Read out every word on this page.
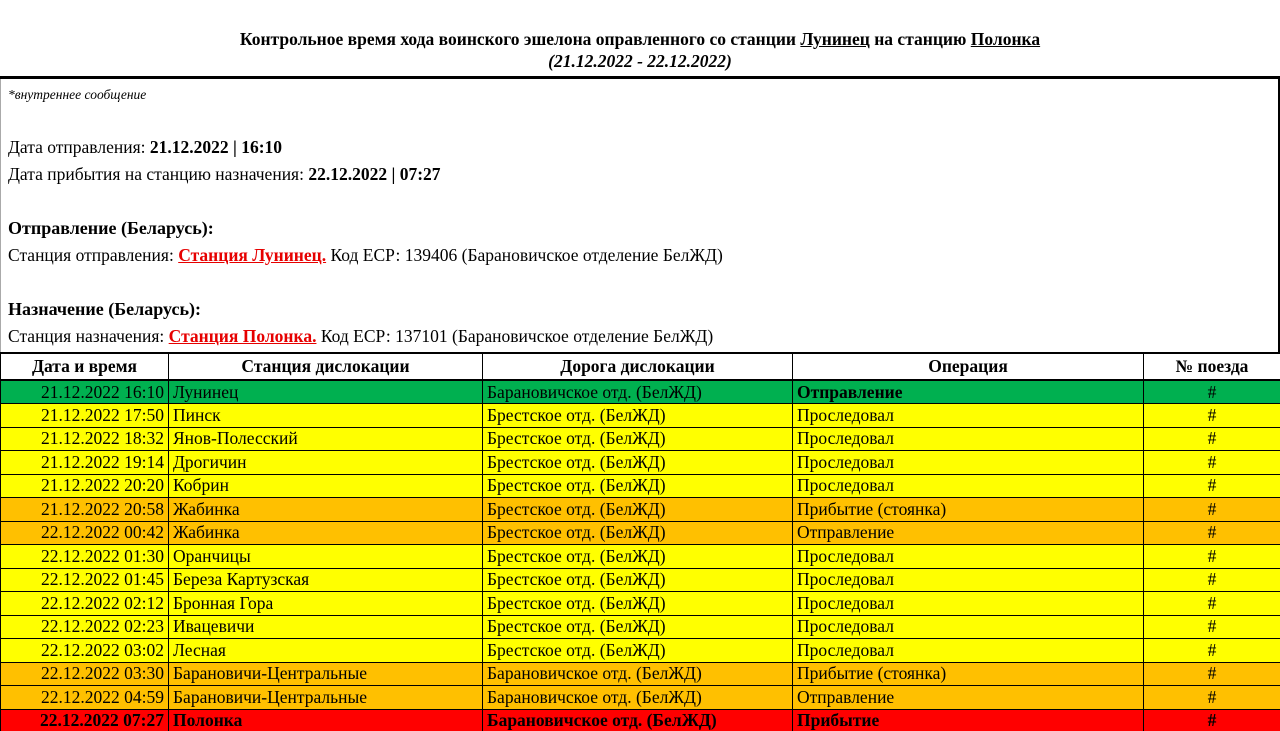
Контрольное время хода воинского эшелона оправленного со станции Лунинец на станцию Полонка
(21.12.2022 - 22.12.2022)
*внутреннее сообщение
Дата отправления: 21.12.2022 | 16:10
Дата прибытия на станцию назначения: 22.12.2022 | 07:27
Отправление (Беларусь):
Станция отправления: Станция Лунинец. Код ЕСР: 139406 (Барановичское отделение БелЖД)
Назначение (Беларусь):
Станция назначения: Станция Полонка. Код ЕСР: 137101 (Барановичское отделение БелЖД)
Дата и время	Станция дислокации	Дорога дислокации	Операция	№ поезда
21.12.2022 16:10	Лунинец	Барановичское отд. (БелЖД)	Отправление	#
21.12.2022 17:50	Пинск	Брестское отд. (БелЖД)	Проследовал	#
21.12.2022 18:32	Янов-Полесский	Брестское отд. (БелЖД)	Проследовал	#
21.12.2022 19:14	Дрогичин	Брестское отд. (БелЖД)	Проследовал	#
21.12.2022 20:20	Кобрин	Брестское отд. (БелЖД)	Проследовал	#
21.12.2022 20:58	Жабинка	Брестское отд. (БелЖД)	Прибытие (стоянка)	#
22.12.2022 00:42	Жабинка	Брестское отд. (БелЖД)	Отправление	#
22.12.2022 01:30	Оранчицы	Брестское отд. (БелЖД)	Проследовал	#
22.12.2022 01:45	Береза Картузская	Брестское отд. (БелЖД)	Проследовал	#
22.12.2022 02:12	Бронная Гора	Брестское отд. (БелЖД)	Проследовал	#
22.12.2022 02:23	Ивацевичи	Брестское отд. (БелЖД)	Проследовал	#
22.12.2022 03:02	Лесная	Брестское отд. (БелЖД)	Проследовал	#
22.12.2022 03:30	Барановичи-Центральные	Барановичское отд. (БелЖД)	Прибытие (стоянка)	#
22.12.2022 04:59	Барановичи-Центральные	Барановичское отд. (БелЖД)	Отправление	#
22.12.2022 07:27	Полонка	Барановичское отд. (БелЖД)	Прибытие	#
